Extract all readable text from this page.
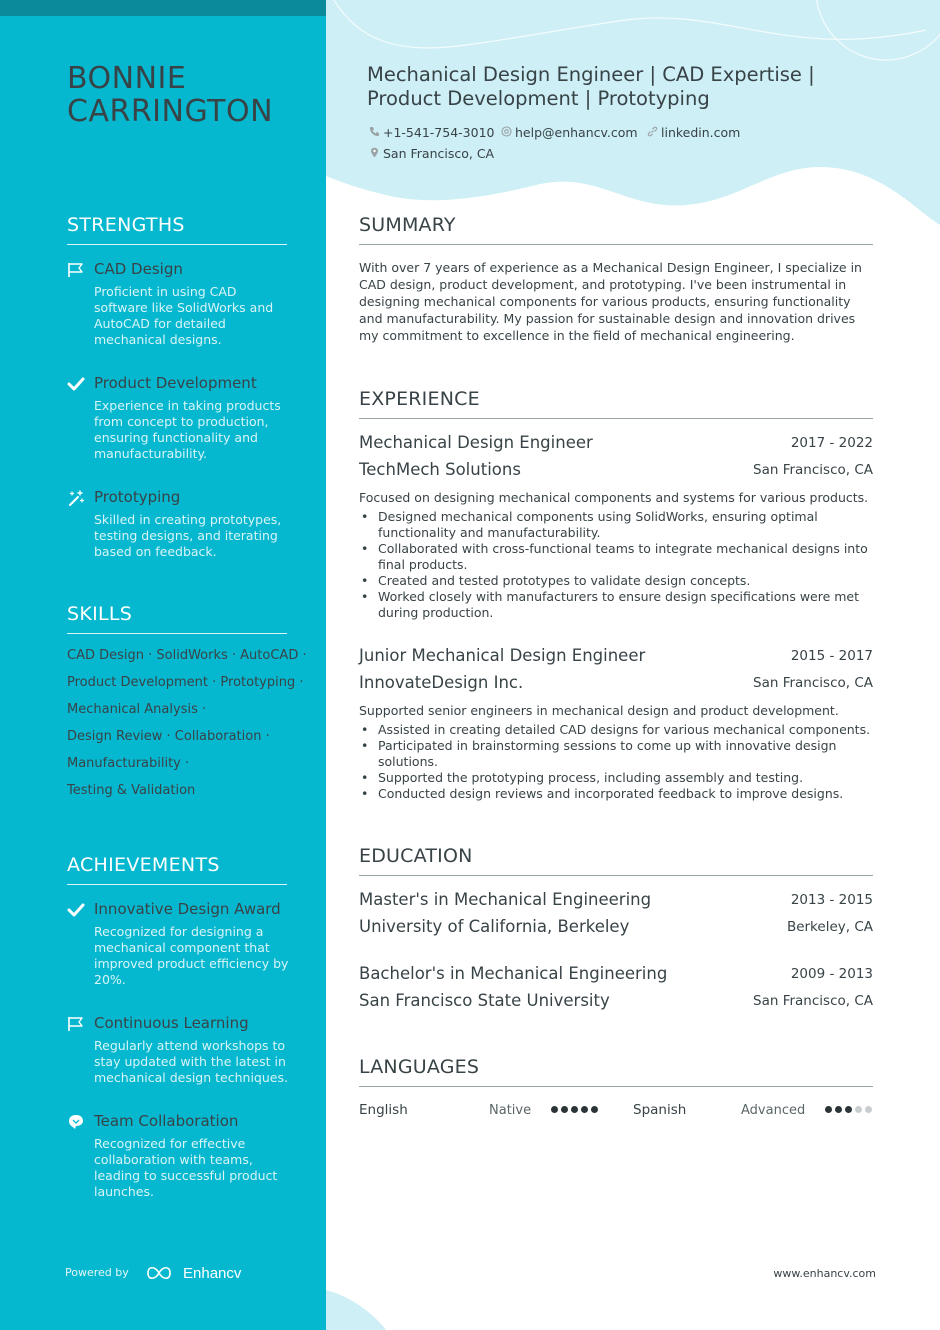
BONNIE
CARRINGTON
STRENGTHS
CAD Design
Proficient in using CAD software like SolidWorks and AutoCAD for detailed mechanical designs.
Product Development
Experience in taking products from concept to production, ensuring functionality and manufacturability.
Prototyping
Skilled in creating prototypes, testing designs, and iterating based on feedback.
SKILLS
CAD Design · SolidWorks · AutoCAD ·
Product Development · Prototyping ·
Mechanical Analysis ·
Design Review · Collaboration ·
Manufacturability ·
Testing & Validation
ACHIEVEMENTS
Innovative Design Award
Recognized for designing a mechanical component that improved product efficiency by 20%.
Continuous Learning
Regularly attend workshops to stay updated with the latest in mechanical design techniques.
Team Collaboration
Recognized for effective collaboration with teams, leading to successful product launches.
Powered by	Enhancv
Mechanical Design Engineer | CAD Expertise | Product Development | Prototyping
+1-541-754-3010 help@enhancv.com linkedin.com
San Francisco, CA
SUMMARY
With over 7 years of experience as a Mechanical Design Engineer, I specialize in CAD design, product development, and prototyping. I've been instrumental in designing mechanical components for various products, ensuring functionality and manufacturability. My passion for sustainable design and innovation drives my commitment to excellence in the field of mechanical engineering.
EXPERIENCE
Mechanical Design Engineer	2017 - 2022
TechMech Solutions	San Francisco, CA
Focused on designing mechanical components and systems for various products.
• Designed mechanical components using SolidWorks, ensuring optimal functionality and manufacturability.
• Collaborated with cross-functional teams to integrate mechanical designs into final products.
• Created and tested prototypes to validate design concepts.
• Worked closely with manufacturers to ensure design specifications were met during production.
Junior Mechanical Design Engineer	2015 - 2017
InnovateDesign Inc.	San Francisco, CA
Supported senior engineers in mechanical design and product development.
• Assisted in creating detailed CAD designs for various mechanical components.
• Participated in brainstorming sessions to come up with innovative design solutions.
• Supported the prototyping process, including assembly and testing.
• Conducted design reviews and incorporated feedback to improve designs.
EDUCATION
Master's in Mechanical Engineering	2013 - 2015
University of California, Berkeley	Berkeley, CA
Bachelor's in Mechanical Engineering	2009 - 2013
San Francisco State University	San Francisco, CA
LANGUAGES
English	Native	Spanish	Advanced
www.enhancv.com
